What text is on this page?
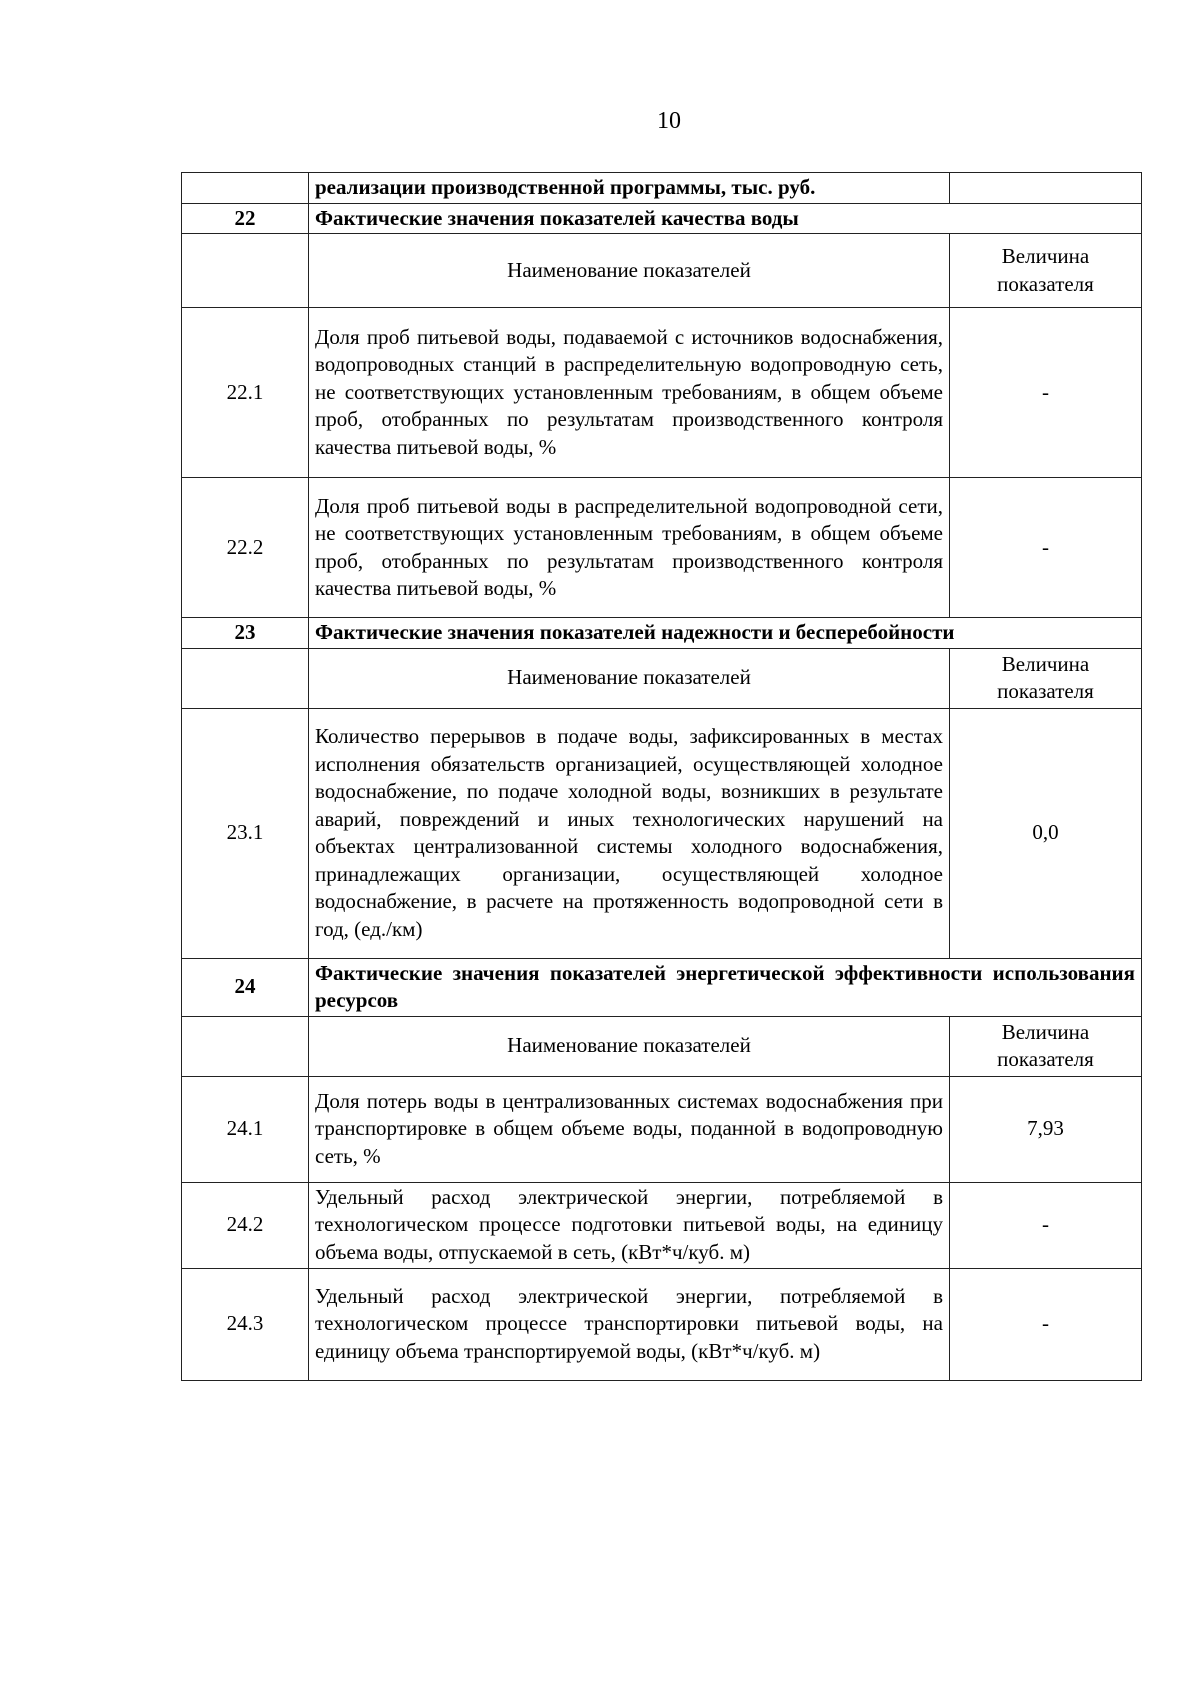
10
	реализации производственной программы, тыс. руб.	
22	Фактические значения показателей качества воды	
	Наименование показателей	Величина показателя
22.1	Доля проб питьевой воды, подаваемой с источников водоснабжения, водопроводных станций в распределительную водопроводную сеть, не соответствующих установленным требованиям, в общем объеме проб, отобранных по результатам производственного контроля качества питьевой воды, %	-
22.2	Доля проб питьевой воды в распределительной водопроводной сети, не соответствующих установленным требованиям, в общем объеме проб, отобранных по результатам производственного контроля качества питьевой воды, %	-
23	Фактические значения показателей надежности и бесперебойности	
	Наименование показателей	Величина показателя
23.1	Количество перерывов в подаче воды, зафиксированных в местах исполнения обязательств организацией, осуществляющей холодное водоснабжение, по подаче холодной воды, возникших в результате аварий, повреждений и иных технологических нарушений на объектах централизованной системы холодного водоснабжения, принадлежащих организации, осуществляющей холодное водоснабжение, в расчете на протяженность водопроводной сети в год, (ед./км)	0,0
24	Фактические значения показателей энергетической эффективности использования ресурсов	
	Наименование показателей	Величина показателя
24.1	Доля потерь воды в централизованных системах водоснабжения при транспортировке в общем объеме воды, поданной в водопроводную сеть, %	7,93
24.2	Удельный расход электрической энергии, потребляемой в технологическом процессе подготовки питьевой воды, на единицу объема воды, отпускаемой в сеть, (кВт*ч/куб. м)	-
24.3	Удельный расход электрической энергии, потребляемой в технологическом процессе транспортировки питьевой воды, на единицу объема транспортируемой воды, (кВт*ч/куб. м)	-
